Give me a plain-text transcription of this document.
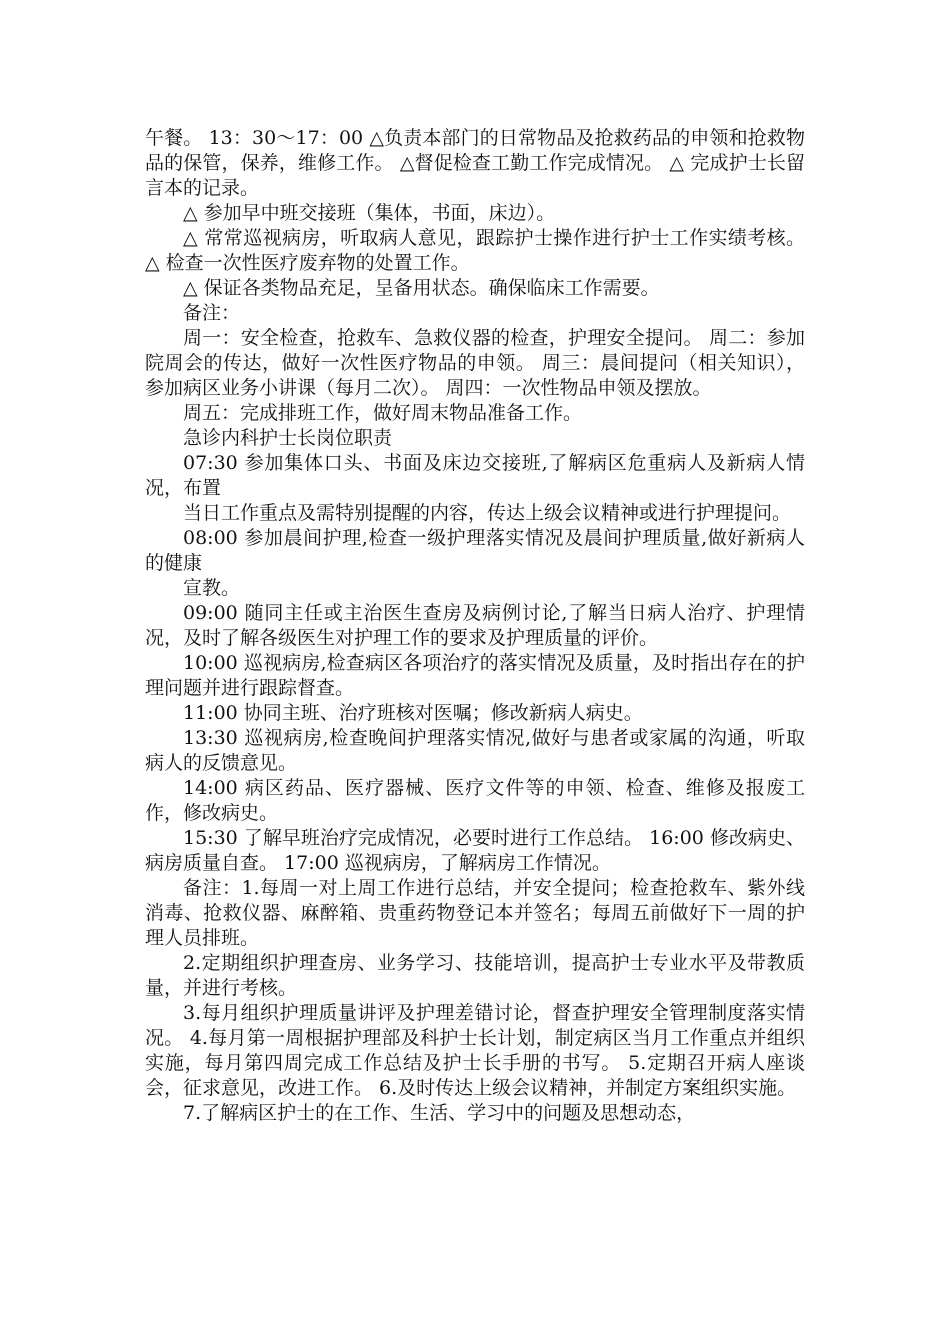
午餐。 13：30～17：00 △负责本部门的日常物品及抢救药品的申领和抢救物品的保管，保养，维修工作。 △督促检查工勤工作完成情况。 △ 完成护士长留言本的记录。

△ 参加早中班交接班（集体，书面，床边）。

△ 常常巡视病房，听取病人意见，跟踪护士操作进行护士工作实绩考核。 △ 检查一次性医疗废弃物的处置工作。

△ 保证各类物品充足，呈备用状态。确保临床工作需要。

备注：

周一：安全检查，抢救车、急救仪器的检查，护理安全提问。 周二：参加院周会的传达，做好一次性医疗物品的申领。 周三：晨间提问（相关知识），参加病区业务小讲课（每月二次）。 周四：一次性物品申领及摆放。

周五：完成排班工作，做好周末物品准备工作。

急诊内科护士长岗位职责

07:30 参加集体口头、书面及床边交接班,了解病区危重病人及新病人情况，布置

当日工作重点及需特别提醒的内容，传达上级会议精神或进行护理提问。

08:00 参加晨间护理,检查一级护理落实情况及晨间护理质量,做好新病人的健康

宣教。

09:00 随同主任或主治医生查房及病例讨论,了解当日病人治疗、护理情况，及时了解各级医生对护理工作的要求及护理质量的评价。

10:00 巡视病房,检查病区各项治疗的落实情况及质量，及时指出存在的护理问题并进行跟踪督查。

11:00 协同主班、治疗班核对医嘱；修改新病人病史。

13:30 巡视病房,检查晚间护理落实情况,做好与患者或家属的沟通，听取病人的反馈意见。

14:00 病区药品、医疗器械、医疗文件等的申领、检查、维修及报废工作，修改病史。

15:30 了解早班治疗完成情况，必要时进行工作总结。 16:00 修改病史、病房质量自查。 17:00 巡视病房，了解病房工作情况。

备注：1.每周一对上周工作进行总结，并安全提问；检查抢救车、紫外线消毒、抢救仪器、麻醉箱、贵重药物登记本并签名；每周五前做好下一周的护理人员排班。

2.定期组织护理查房、业务学习、技能培训，提高护士专业水平及带教质量，并进行考核。

3.每月组织护理质量讲评及护理差错讨论，督查护理安全管理制度落实情况。 4.每月第一周根据护理部及科护士长计划，制定病区当月工作重点并组织实施，每月第四周完成工作总结及护士长手册的书写。 5.定期召开病人座谈会，征求意见，改进工作。 6.及时传达上级会议精神，并制定方案组织实施。

7.了解病区护士的在工作、生活、学习中的问题及思想动态，
